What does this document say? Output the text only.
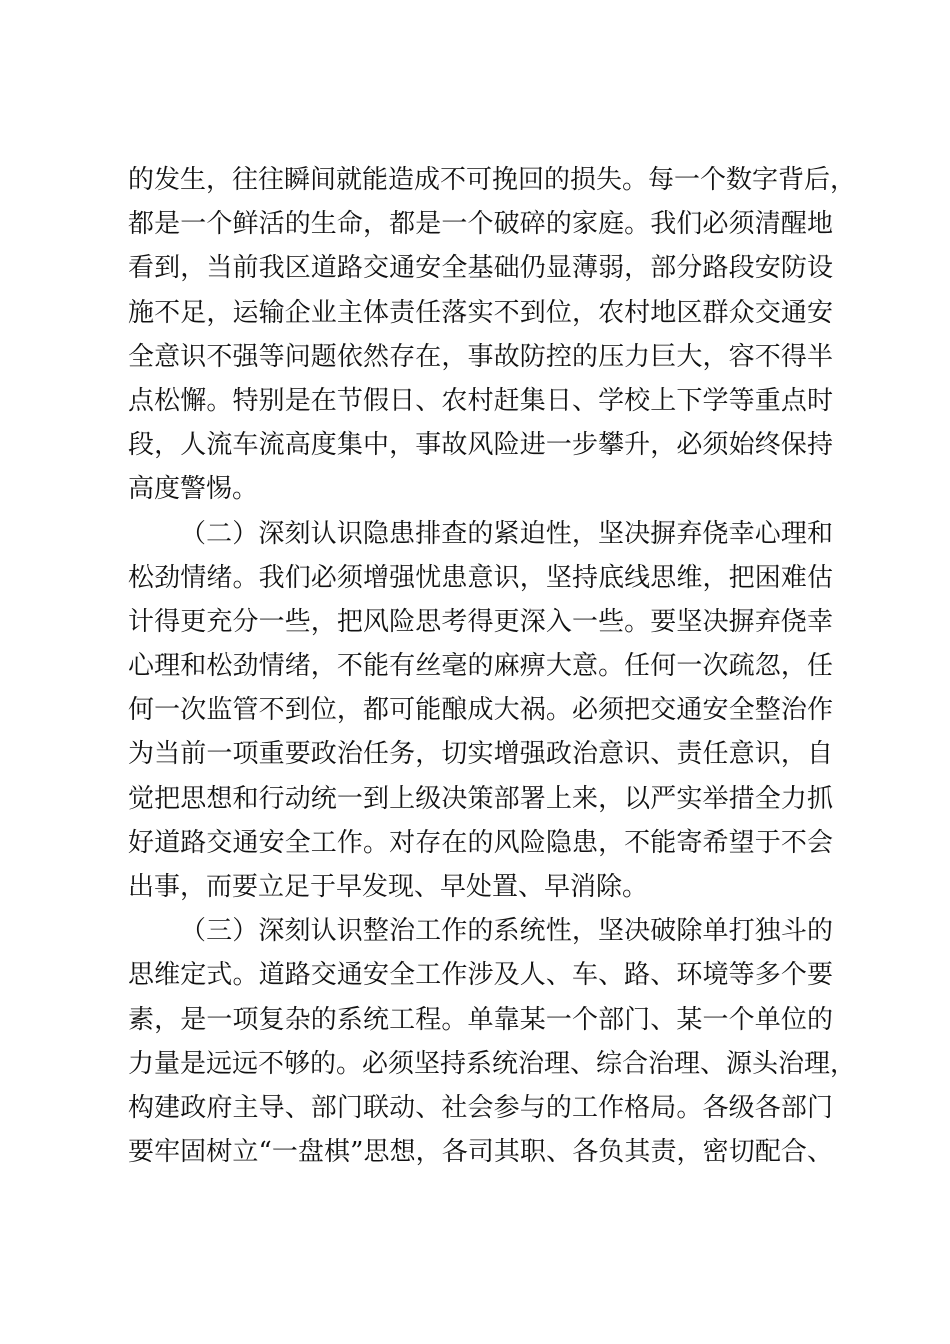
的发生，往往瞬间就能造成不可挽回的损失。每一个数字背后，
都是一个鲜活的生命，都是一个破碎的家庭。我们必须清醒地
看到，当前我区道路交通安全基础仍显薄弱，部分路段安防设
施不足，运输企业主体责任落实不到位，农村地区群众交通安
全意识不强等问题依然存在，事故防控的压力巨大，容不得半
点松懈。特别是在节假日、农村赶集日、学校上下学等重点时
段，人流车流高度集中，事故风险进一步攀升，必须始终保持
高度警惕。
（二）深刻认识隐患排查的紧迫性，坚决摒弃侥幸心理和
松劲情绪。我们必须增强忧患意识，坚持底线思维，把困难估
计得更充分一些，把风险思考得更深入一些。要坚决摒弃侥幸
心理和松劲情绪，不能有丝毫的麻痹大意。任何一次疏忽，任
何一次监管不到位，都可能酿成大祸。必须把交通安全整治作
为当前一项重要政治任务，切实增强政治意识、责任意识，自
觉把思想和行动统一到上级决策部署上来，以严实举措全力抓
好道路交通安全工作。对存在的风险隐患，不能寄希望于不会
出事，而要立足于早发现、早处置、早消除。
（三）深刻认识整治工作的系统性，坚决破除单打独斗的
思维定式。道路交通安全工作涉及人、车、路、环境等多个要
素，是一项复杂的系统工程。单靠某一个部门、某一个单位的
力量是远远不够的。必须坚持系统治理、综合治理、源头治理，
构建政府主导、部门联动、社会参与的工作格局。各级各部门
要牢固树立“一盘棋”思想，各司其职、各负其责，密切配合、
